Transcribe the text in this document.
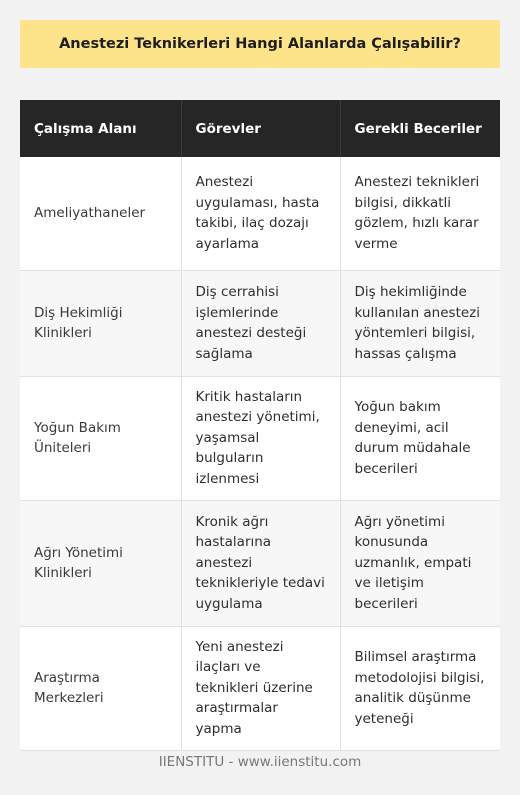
Anestezi Teknikerleri Hangi Alanlarda Çalışabilir?
Çalışma Alanı	Görevler	Gerekli Beceriler
Ameliyathaneler	Anestezi uygulaması, hasta takibi, ilaç dozajı ayarlama	Anestezi teknikleri bilgisi, dikkatli gözlem, hızlı karar verme
Diş Hekimliği Klinikleri	Diş cerrahisi işlemlerinde anestezi desteği sağlama	Diş hekimliğinde kullanılan anestezi yöntemleri bilgisi, hassas çalışma
Yoğun Bakım Üniteleri	Kritik hastaların anestezi yönetimi, yaşamsal bulguların izlenmesi	Yoğun bakım deneyimi, acil durum müdahale becerileri
Ağrı Yönetimi Klinikleri	Kronik ağrı hastalarına anestezi teknikleriyle tedavi uygulama	Ağrı yönetimi konusunda uzmanlık, empati ve iletişim becerileri
Araştırma Merkezleri	Yeni anestezi ilaçları ve teknikleri üzerine araştırmalar yapma	Bilimsel araştırma metodolojisi bilgisi, analitik düşünme yeteneği
IIENSTITU - www.iienstitu.com
